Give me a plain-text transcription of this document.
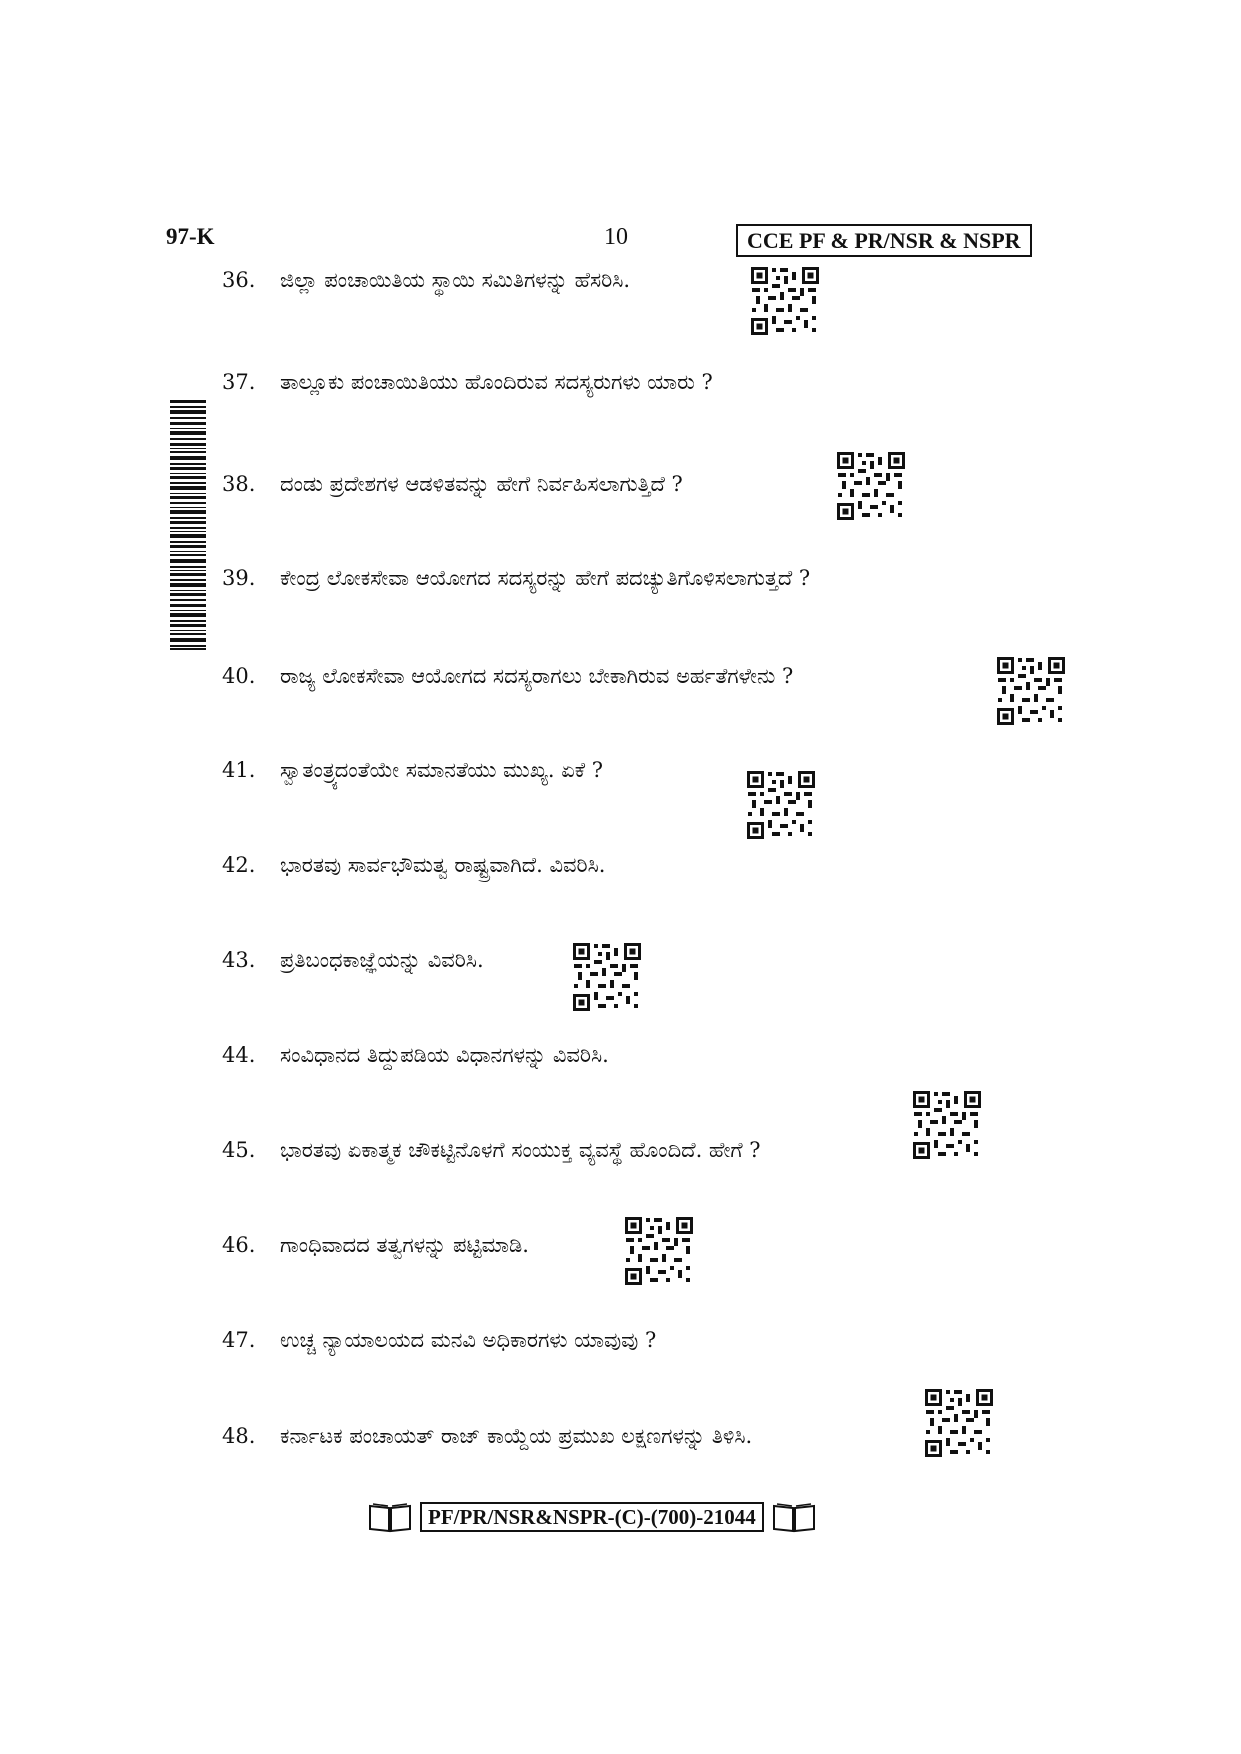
97-K	10	CCE PF & PR/NSR & NSPR
36. ಜಿಲ್ಲಾ ಪಂಚಾಯಿತಿಯ ಸ್ಥಾಯಿ ಸಮಿತಿಗಳನ್ನು ಹೆಸರಿಸಿ.
37. ತಾಲ್ಲೂಕು ಪಂಚಾಯಿತಿಯು ಹೊಂದಿರುವ ಸದಸ್ಯರುಗಳು ಯಾರು ?
38. ದಂಡು ಪ್ರದೇಶಗಳ ಆಡಳಿತವನ್ನು ಹೇಗೆ ನಿರ್ವಹಿಸಲಾಗುತ್ತಿದೆ ?
39. ಕೇಂದ್ರ ಲೋಕಸೇವಾ ಆಯೋಗದ ಸದಸ್ಯರನ್ನು ಹೇಗೆ ಪದಚ್ಯುತಿಗೊಳಿಸಲಾಗುತ್ತದೆ ?
40. ರಾಜ್ಯ ಲೋಕಸೇವಾ ಆಯೋಗದ ಸದಸ್ಯರಾಗಲು ಬೇಕಾಗಿರುವ ಅರ್ಹತೆಗಳೇನು ?
41. ಸ್ವಾತಂತ್ರ್ಯದಂತೆಯೇ ಸಮಾನತೆಯು ಮುಖ್ಯ. ಏಕೆ ?
42. ಭಾರತವು ಸಾರ್ವಭೌಮತ್ವ ರಾಷ್ಟ್ರವಾಗಿದೆ. ವಿವರಿಸಿ.
43. ಪ್ರತಿಬಂಧಕಾಜ್ಞೆಯನ್ನು ವಿವರಿಸಿ.
44. ಸಂವಿಧಾನದ ತಿದ್ದುಪಡಿಯ ವಿಧಾನಗಳನ್ನು ವಿವರಿಸಿ.
45. ಭಾರತವು ಏಕಾತ್ಮಕ ಚೌಕಟ್ಟಿನೊಳಗೆ ಸಂಯುಕ್ತ ವ್ಯವಸ್ಥೆ ಹೊಂದಿದೆ. ಹೇಗೆ ?
46. ಗಾಂಧಿವಾದದ ತತ್ವಗಳನ್ನು ಪಟ್ಟಿಮಾಡಿ.
47. ಉಚ್ಚ ನ್ಯಾಯಾಲಯದ ಮನವಿ ಅಧಿಕಾರಗಳು ಯಾವುವು ?
48. ಕರ್ನಾಟಕ ಪಂಚಾಯತ್ ರಾಜ್ ಕಾಯ್ದೆಯ ಪ್ರಮುಖ ಲಕ್ಷಣಗಳನ್ನು ತಿಳಿಸಿ.
PF/PR/NSR&NSPR-(C)-(700)-21044
